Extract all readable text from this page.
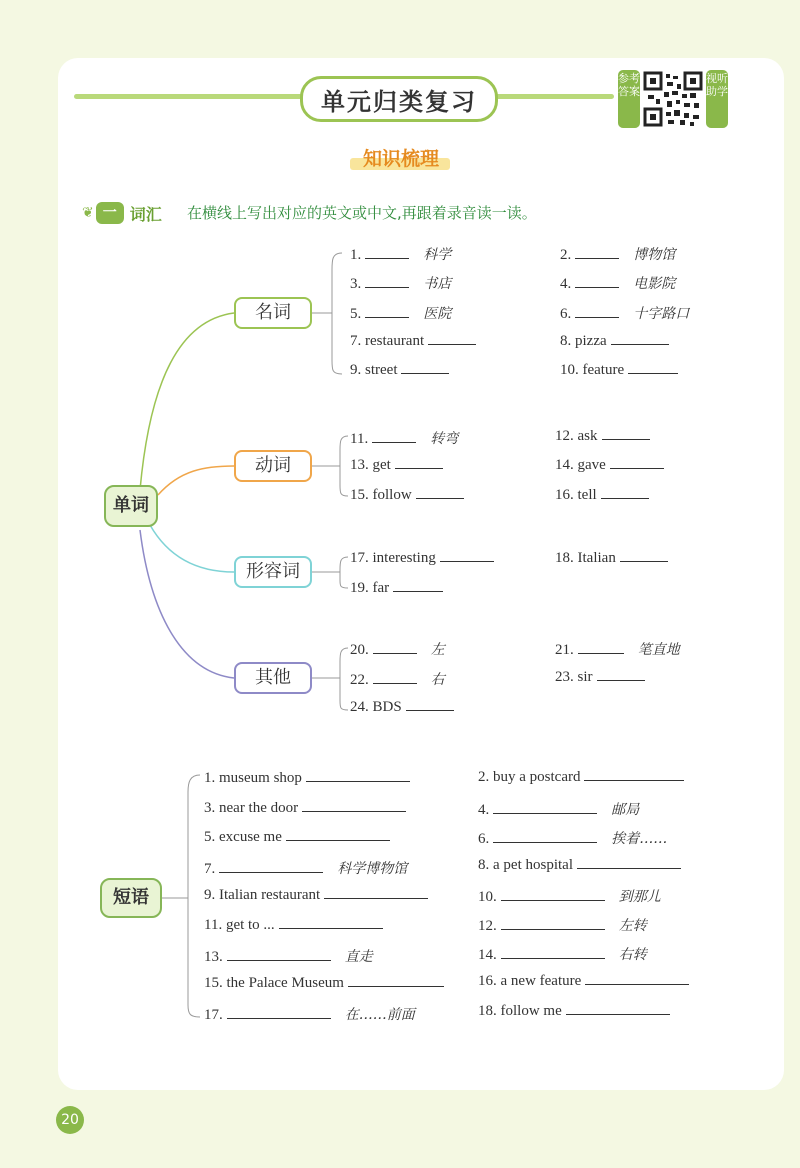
单元归类复习
参考答案
视听助学
知识梳理
❦ 一 词汇 在横线上写出对应的英文或中文,再跟着录音读一读。
单词
名词
动词
形容词
其他
短语
1.	科学	2.	博物馆
3.	书店	4.	电影院
5.	医院	6.	十字路口
7. restaurant	8. pizza
9. street	10. feature
11.	转弯	12. ask
13. get	14. gave
15. follow	16. tell
17. interesting	18. Italian
19. far
20.	左	21.	笔直地
22.	右	23. sir
24. BDS
1. museum shop	2. buy a postcard
3. near the door	4.	邮局
5. excuse me	6.	挨着……
7.	科学博物馆	8. a pet hospital
9. Italian restaurant	10.	到那儿
11. get to ...	12.	左转
13.	直走	14.	右转
15. the Palace Museum	16. a new feature
17.	在……前面	18. follow me
20
